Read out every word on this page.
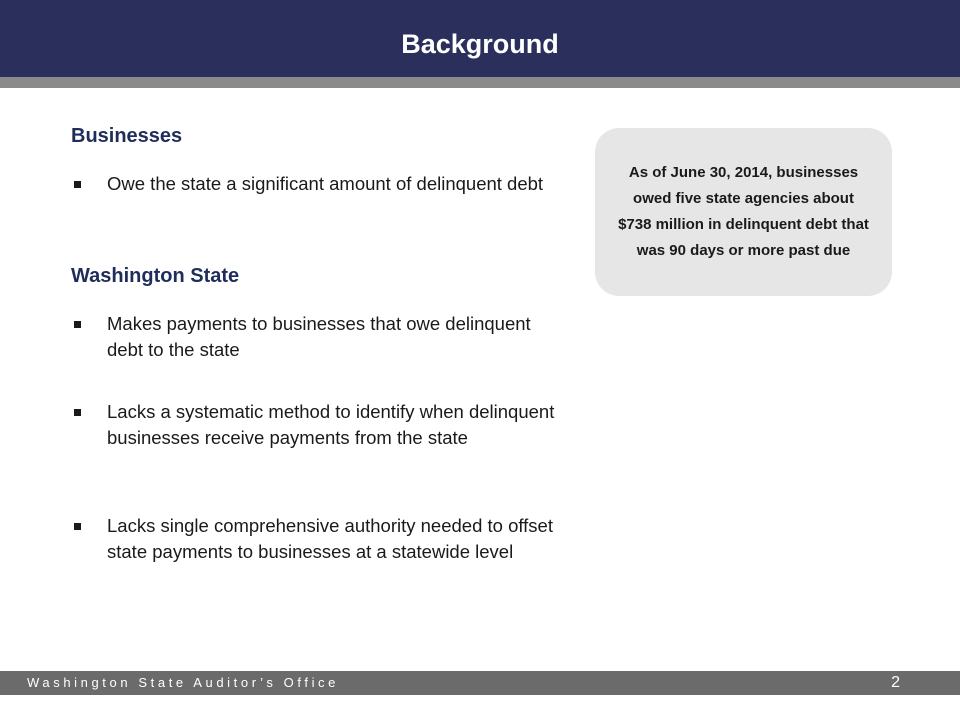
Background
Businesses
Owe the state a significant amount of delinquent debt
Washington State
Makes payments to businesses that owe delinquent debt to the state
Lacks a systematic method to identify when delinquent businesses receive payments from the state
Lacks single comprehensive authority needed to offset state payments to businesses at a statewide level
As of June 30, 2014, businesses owed five state agencies about $738 million in delinquent debt that was 90 days or more past due
Washington State Auditor’s Office	2
